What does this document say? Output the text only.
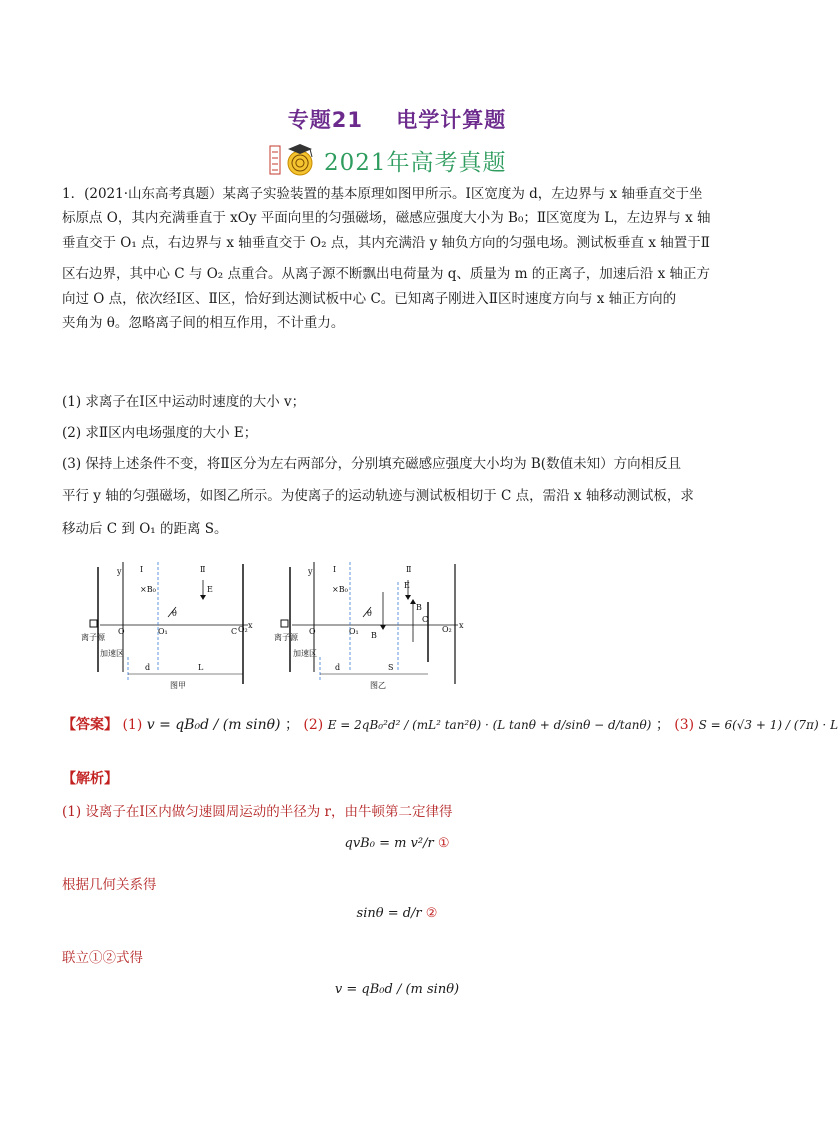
专题21    电学计算题
2021年高考真题
1．(2021·山东高考真题）某离子实验装置的基本原理如图甲所示。Ⅰ区宽度为 d，左边界与 x 轴垂直交于坐
标原点 O，其内充满垂直于 xOy 平面向里的匀强磁场，磁感应强度大小为 B₀；Ⅱ区宽度为 L，左边界与 x 轴
垂直交于 O₁ 点，右边界与 x 轴垂直交于 O₂ 点，其内充满沿 y 轴负方向的匀强电场。测试板垂直 x 轴置于Ⅱ
区右边界，其中心 C 与 O₂ 点重合。从离子源不断飘出电荷量为 q、质量为 m 的正离子，加速后沿 x 轴正方
向过 O 点，依次经Ⅰ区、Ⅱ区，恰好到达测试板中心 C。已知离子刚进入Ⅱ区时速度方向与 x 轴正方向的
夹角为 θ。忽略离子间的相互作用，不计重力。
(1) 求离子在Ⅰ区中运动时速度的大小 v；
(2) 求Ⅱ区内电场强度的大小 E；
(3) 保持上述条件不变，将Ⅱ区分为左右两部分，分别填充磁感应强度大小均为 B(数值未知）方向相反且
平行 y 轴的匀强磁场，如图乙所示。为使离子的运动轨迹与测试板相切于 C 点，需沿 x 轴移动测试板，求
移动后 C 到 O₁ 的距离 S。
离子源
加速区
y Ⅰ	Ⅱ
×B₀	E
θ
O	O₁	C O₂ x
d	L
图甲
离子源
加速区
y	Ⅰ	Ⅱ
×B₀	E
θ
B
B
O	O₁
C
O₂ x
d	S
图乙
【答案】 (1) v = qB₀d / (m sinθ) ； (2) E = 2qB₀²d² / (mL² tan²θ) · (L tanθ + d/sinθ − d/tanθ) ； (3) S = 6(√3 + 1) / (7π) · L
【解析】
(1) 设离子在Ⅰ区内做匀速圆周运动的半径为 r，由牛顿第二定律得
qvB₀ = m v²/r ①
根据几何关系得
sinθ = d/r ②
联立①②式得
v = qB₀d / (m sinθ)
